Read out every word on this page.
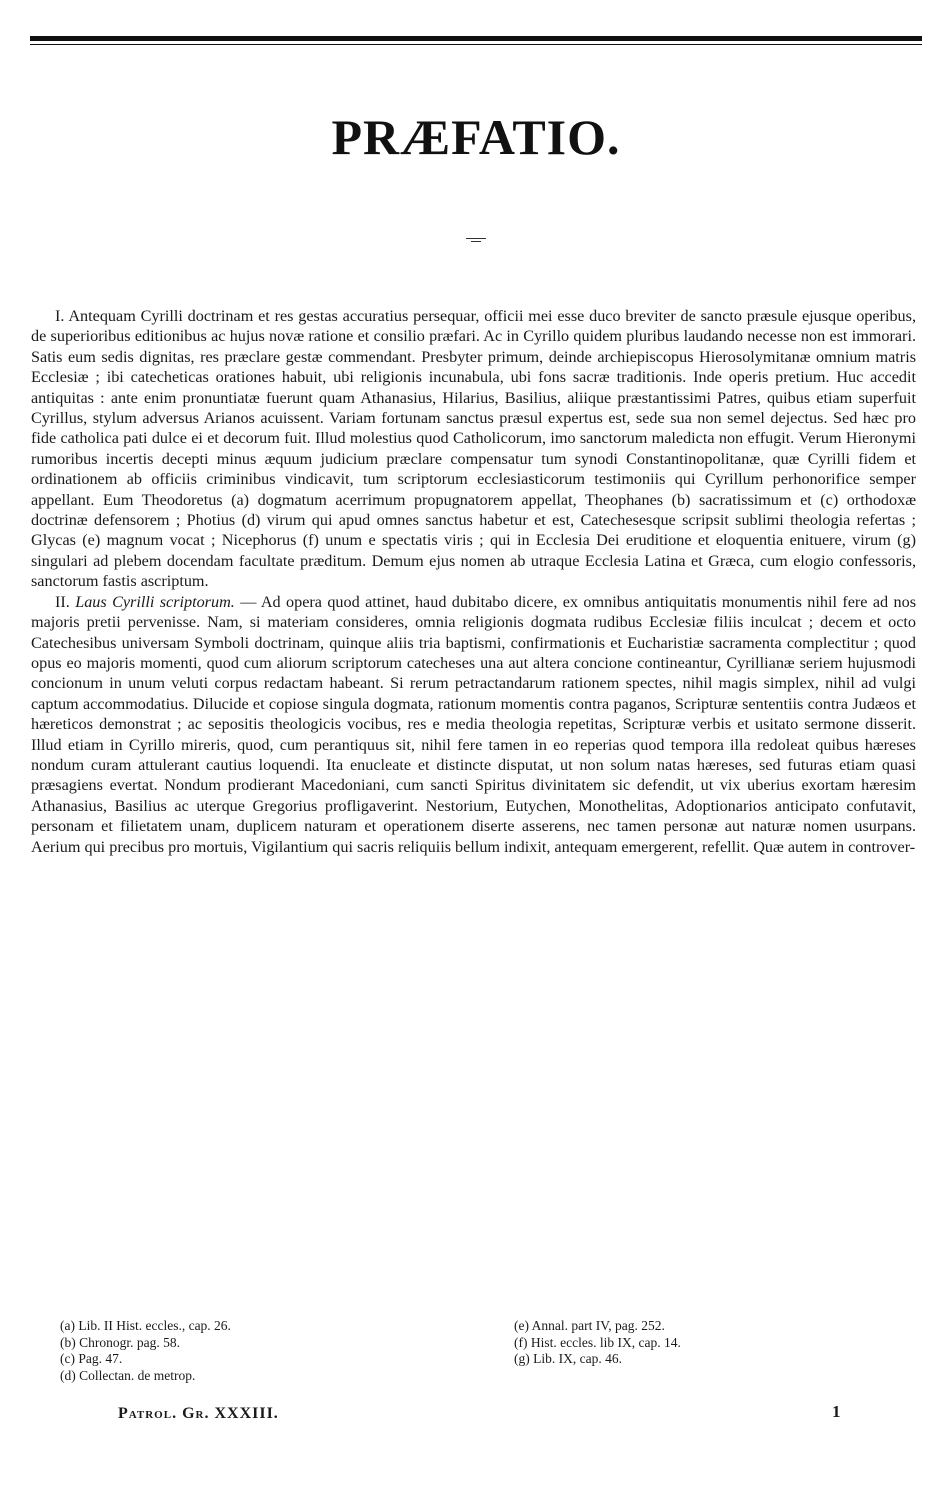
PRÆFATIO.

I. Antequam Cyrilli doctrinam et res gestas accuratius persequar, officii mei esse duco breviter de sancto præsule ejusque operibus, de superioribus editionibus ac hujus novæ ratione et consilio præfari. Ac in Cyrillo quidem pluribus laudando necesse non est immorari. Satis eum sedis dignitas, res præclare gestæ commendant. Presbyter primum, deinde archiepiscopus Hierosolymitanæ omnium matris Ecclesiæ ; ibi catecheticas orationes habuit, ubi religionis incunabula, ubi fons sacræ traditionis. Inde operis pretium. Huc accedit antiquitas : ante enim pronuntiatæ fuerunt quam Athanasius, Hilarius, Basilius, aliique præstantissimi Patres, quibus etiam superfuit Cyrillus, stylum adversus Arianos acuissent. Variam fortunam sanctus præsul expertus est, sede sua non semel dejectus. Sed hæc pro fide catholica pati dulce ei et decorum fuit. Illud molestius quod Catholicorum, imo sanctorum maledicta non effugit. Verum Hieronymi rumoribus incertis decepti minus æquum judicium præclare compensatur tum synodi Constantinopolitanæ, quæ Cyrilli fidem et ordinationem ab officiis criminibus vindicavit, tum scriptorum ecclesiasticorum testimoniis qui Cyrillum perhonorifice semper appellant. Eum Theodoretus (a) dogmatum acerrimum propugnatorem appellat, Theophanes (b) sacratissimum et (c) orthodoxæ doctrinæ defensorem ; Photius (d) virum qui apud omnes sanctus habetur et est, Catechesesque scripsit sublimi theologia refertas ; Glycas (e) magnum vocat ; Nicephorus (f) unum e spectatis viris ; qui in Ecclesia Dei eruditione et eloquentia enituere, virum (g) singulari ad plebem docendam facultate præditum. Demum ejus nomen ab utraque Ecclesia Latina et Græca, cum elogio confessoris, sanctorum fastis ascriptum.

II. Laus Cyrilli scriptorum. — Ad opera quod attinet, haud dubitabo dicere, ex omnibus antiquitatis monumentis nihil fere ad nos majoris pretii pervenisse. Nam, si materiam consideres, omnia religionis dogmata rudibus Ecclesiæ filiis inculcat ; decem et octo Catechesibus universam Symboli doctrinam, quinque aliis tria baptismi, confirmationis et Eucharistiæ sacramenta complectitur ; quod opus eo majoris momenti, quod cum aliorum scriptorum catecheses una aut altera concione contineantur, Cyrillianæ seriem hujusmodi concionum in unum veluti corpus redactam habeant. Si rerum petractandarum rationem spectes, nihil magis simplex, nihil ad vulgi captum accommodatius. Dilucide et copiose singula dogmata, rationum momentis contra paganos, Scripturæ sententiis contra Judæos et hæreticos demonstrat ; ac sepositis theologicis vocibus, res e media theologia repetitas, Scripturæ verbis et usitato sermone disserit. Illud etiam in Cyrillo mireris, quod, cum perantiquus sit, nihil fere tamen in eo reperias quod tempora illa redoleat quibus hæreses nondum curam attulerant cautius loquendi. Ita enucleate et distincte disputat, ut non solum natas hæreses, sed futuras etiam quasi præsagiens evertat. Nondum prodierant Macedoniani, cum sancti Spiritus divinitatem sic defendit, ut vix uberius exortam hæresim Athanasius, Basilius ac uterque Gregorius profligaverint. Nestorium, Eutychen, Monothelitas, Adoptionarios anticipato confutavit, personam et filietatem unam, duplicem naturam et operationem diserte asserens, nec tamen personæ aut naturæ nomen usurpans. Aerium qui precibus pro mortuis, Vigilantium qui sacris reliquiis bellum indixit, antequam emergerent, refellit. Quæ autem in controver-

(a) Lib. II Hist. eccles., cap. 26.
(b) Chronogr. pag. 58.
(c) Pag. 47.
(d) Collectan. de metrop.
(e) Annal. part IV, pag. 252.
(f) Hist. eccles. lib IX, cap. 14.
(g) Lib. IX, cap. 46.
Patrol. Gr. XXXIII.	1
